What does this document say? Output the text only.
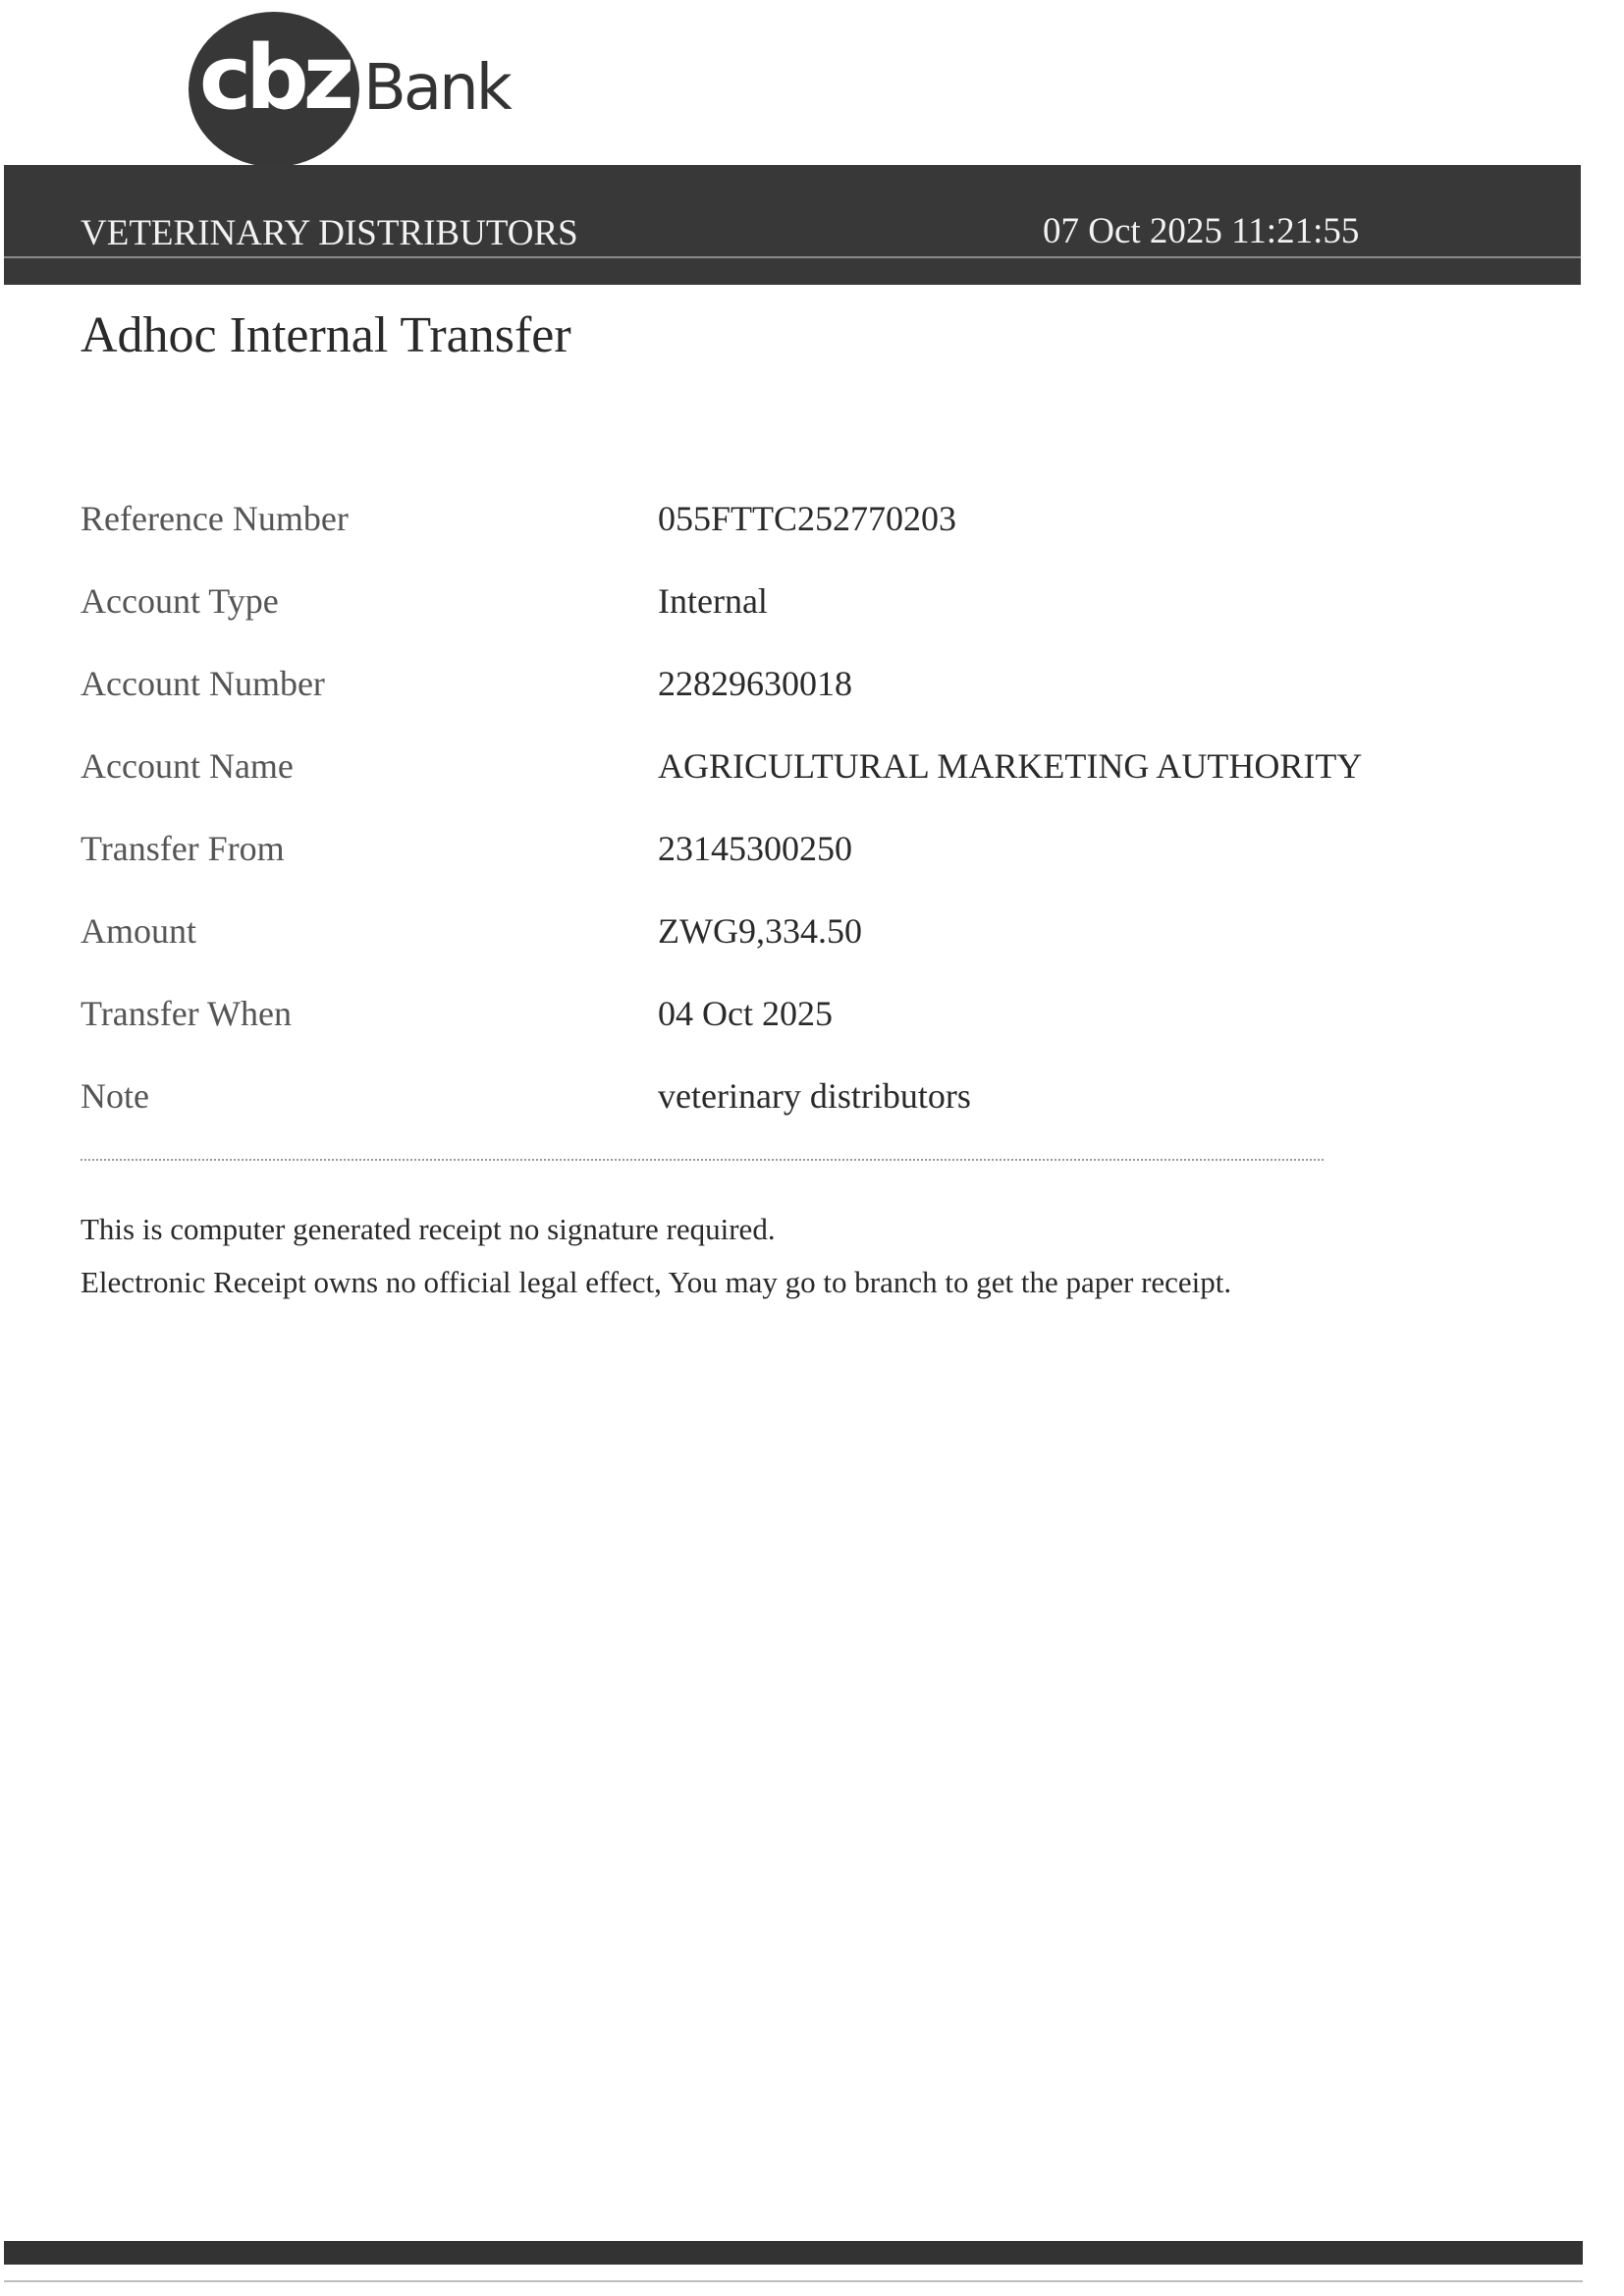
cbz Bank
VETERINARY DISTRIBUTORS	07 Oct 2025 11:21:55
Adhoc Internal Transfer
Reference Number	055FTTC252770203
Account Type	Internal
Account Number	22829630018
Account Name	AGRICULTURAL MARKETING AUTHORITY
Transfer From	23145300250
Amount	ZWG9,334.50
Transfer When	04 Oct 2025
Note	veterinary distributors
This is computer generated receipt no signature required.
Electronic Receipt owns no official legal effect, You may go to branch to get the paper receipt.
